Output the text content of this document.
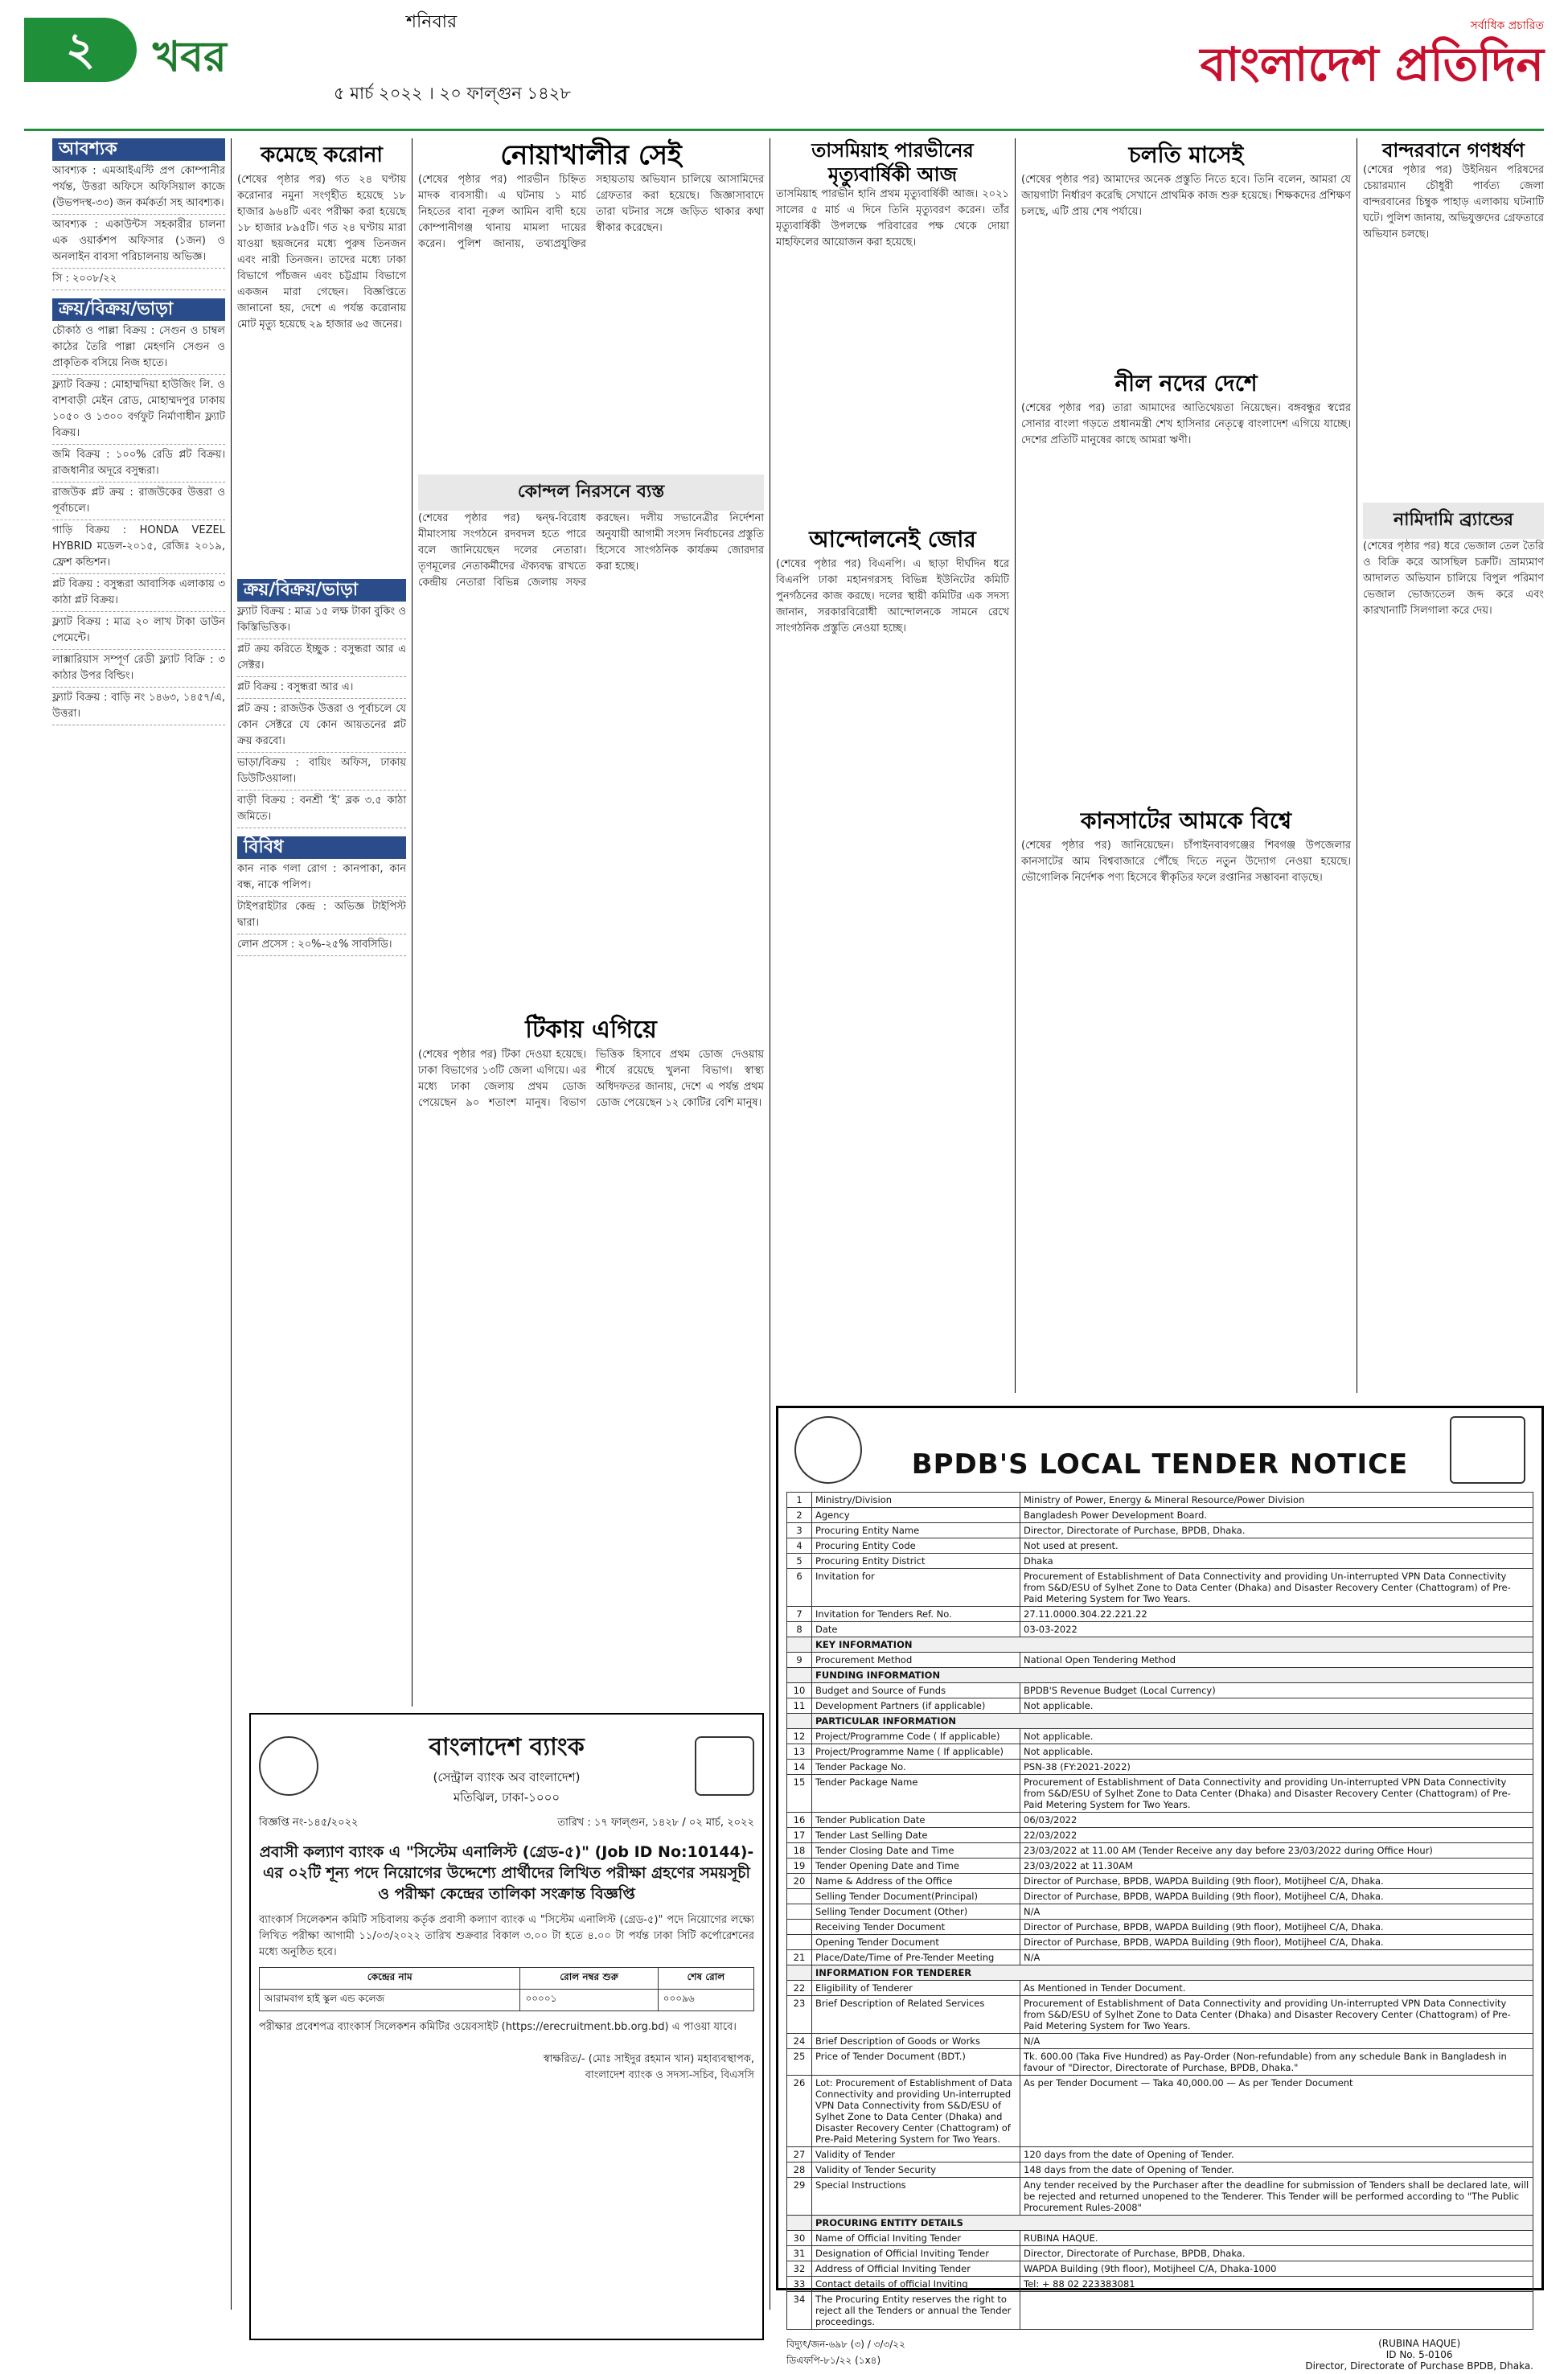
২	খবর
শনিবার
৫ মার্চ ২০২২ । ২০ ফাল্গুন ১৪২৮
সর্বাধিক প্রচারিত
বাংলাদেশ প্রতিদিন
আবশ্যক
আবশ্যক : এমআইএস্টি প্রপ কোম্পানীর পর্যন্ত, উত্তরা অফিসে অফিসিয়াল কাজে (উভপদস্থ-৩৩) জন কর্মকর্তা সহ আবশ্যক।
আবশ্যক : একাউন্টস সহকারীর চালনা এক ওয়ার্কশপ অফিসার (১জন) ও অনলাইন বাবসা পরিচালনায় অভিজ্ঞ।
সি : ২০০৮/২২
ক্রয়/বিক্রয়/ভাড়া
চৌকাঠ ও পাল্লা বিক্রয় : সেগুন ও চাম্বল কাঠের তৈরি পাল্লা মেহগনি সেগুন ও প্রাকৃতিক বসিয়ে নিজ হাতে।
ফ্ল্যাট বিক্রয় : মোহাম্মদিয়া হাউজিং লি. ও বাশবাড়ী মেইন রোড, মোহাম্মদপুর ঢাকায় ১০৫০ ও ১৩০০ বর্গফুট নির্মাণাধীন ফ্ল্যাট বিক্রয়।
জমি বিক্রয় : ১০০% রেডি প্লট বিক্রয়। রাজধানীর অদূরে বসুন্ধরা।
রাজউক প্লট ক্রয় : রাজউকের উত্তরা ও পূর্বাচলে।
গাড়ি বিক্রয় : HONDA VEZEL HYBRID মডেল-২০১৫, রেজিঃ ২০১৯, ফ্রেশ কন্ডিশন।
প্লট বিক্রয় : বসুন্ধরা আবাসিক এলাকায় ৩ কাঠা প্লট বিক্রয়।
ফ্ল্যাট বিক্রয় : মাত্র ২০ লাখ টাকা ডাউন পেমেন্টে।
লাক্সারিয়াস সম্পূর্ণ রেডী ফ্ল্যাট বিক্রি : ৩ কাঠার উপর বিল্ডিং।
ফ্ল্যাট বিক্রয় : বাড়ি নং ১৪৬৩, ১৪৫৭/এ, উত্তরা।
ক্রয়/বিক্রয়/ভাড়া
ফ্ল্যাট বিক্রয় : মাত্র ১৫ লক্ষ টাকা বুকিং ও কিস্তিভিত্তিক।
প্লট ক্রয় করিতে ইচ্ছুক : বসুন্ধরা আর এ সেক্টর।
প্লট বিক্রয় : বসুন্ধরা আর এ।
প্লট ক্রয় : রাজউক উত্তরা ও পূর্বাচলে যে কোন সেক্টরে যে কোন আয়তনের প্লট ক্রয় করবো।
ভাড়া/বিক্রয় : বায়িং অফিস, ঢাকায় ডিউটিওয়ালা।
বাড়ী বিক্রয় : বনশ্রী ‘ই’ ব্লক ৩.৫ কাঠা জমিতে।
বিবিধ
কান নাক গলা রোগ : কানপাকা, কান বন্ধ, নাকে পলিপ।
টাইপরাইটার কেন্দ্র : অভিজ্ঞ টাইপিস্ট দ্বারা।
লোন প্রসেস : ২০%-২৫% সাবসিডি।
কমেছে করোনা
(শেষের পৃষ্ঠার পর) গত ২৪ ঘণ্টায় করোনার নমুনা সংগৃহীত হয়েছে ১৮ হাজার ৯৬৪টি এবং পরীক্ষা করা হয়েছে ১৮ হাজার ৮৯৫টি। গত ২৪ ঘণ্টায় মারা যাওয়া ছয়জনের মধ্যে পুরুষ তিনজন এবং নারী তিনজন। তাদের মধ্যে ঢাকা বিভাগে পাঁচজন এবং চট্টগ্রাম বিভাগে একজন মারা গেছেন। বিজ্ঞপ্তিতে জানানো হয়, দেশে এ পর্যন্ত করোনায় মোট মৃত্যু হয়েছে ২৯ হাজার ৬৫ জনের।
নোয়াখালীর সেই
(শেষের পৃষ্ঠার পর) পারভীন চিহ্নিত মাদক ব্যবসায়ী। এ ঘটনায় ১ মার্চ নিহতের বাবা নূরুল আমিন বাদী হয়ে কোম্পানীগঞ্জ থানায় মামলা দায়ের করেন। পুলিশ জানায়, তথ্যপ্রযুক্তির সহায়তায় অভিযান চালিয়ে আসামিদের গ্রেফতার করা হয়েছে। জিজ্ঞাসাবাদে তারা ঘটনার সঙ্গে জড়িত থাকার কথা স্বীকার করেছেন।
কোন্দল নিরসনে ব্যস্ত
(শেষের পৃষ্ঠার পর) দ্বন্দ্ব-বিরোধ মীমাংসায় সংগঠনে রদবদল হতে পারে বলে জানিয়েছেন দলের নেতারা। তৃণমূলের নেতাকর্মীদের ঐক্যবদ্ধ রাখতে কেন্দ্রীয় নেতারা বিভিন্ন জেলায় সফর করছেন। দলীয় সভানেত্রীর নির্দেশনা অনুযায়ী আগামী সংসদ নির্বাচনের প্রস্তুতি হিসেবে সাংগঠনিক কার্যক্রম জোরদার করা হচ্ছে।
টিকায় এগিয়ে
(শেষের পৃষ্ঠার পর) টিকা দেওয়া হয়েছে। ঢাকা বিভাগের ১৩টি জেলা এগিয়ে। এর মধ্যে ঢাকা জেলায় প্রথম ডোজ পেয়েছেন ৯০ শতাংশ মানুষ। বিভাগ ভিত্তিক হিসাবে প্রথম ডোজ দেওয়ায় শীর্ষে রয়েছে খুলনা বিভাগ। স্বাস্থ্য অধিদফতর জানায়, দেশে এ পর্যন্ত প্রথম ডোজ পেয়েছেন ১২ কোটির বেশি মানুষ।
তাসমিয়াহ পারভীনের মৃত্যুবার্ষিকী আজ
তাসমিয়াহ পারভীন হানি প্রথম মৃত্যুবার্ষিকী আজ। ২০২১ সালের ৫ মার্চ এ দিনে তিনি মৃত্যুবরণ করেন। তাঁর মৃত্যুবার্ষিকী উপলক্ষে পরিবারের পক্ষ থেকে দোয়া মাহফিলের আয়োজন করা হয়েছে।
আন্দোলনেই জোর
(শেষের পৃষ্ঠার পর) বিএনপি। এ ছাড়া দীর্ঘদিন ধরে বিএনপি ঢাকা মহানগরসহ বিভিন্ন ইউনিটের কমিটি পুনর্গঠনের কাজ করছে। দলের স্থায়ী কমিটির এক সদস্য জানান, সরকারবিরোধী আন্দোলনকে সামনে রেখে সাংগঠনিক প্রস্তুতি নেওয়া হচ্ছে।
চলতি মাসেই
(শেষের পৃষ্ঠার পর) আমাদের অনেক প্রস্তুতি নিতে হবে। তিনি বলেন, আমরা যে জায়গাটা নির্ধারণ করেছি সেখানে প্রাথমিক কাজ শুরু হয়েছে। শিক্ষকদের প্রশিক্ষণ চলছে, এটি প্রায় শেষ পর্যায়ে।
নীল নদের দেশে
(শেষের পৃষ্ঠার পর) তারা আমাদের আতিথেয়তা নিয়েছেন। বঙ্গবন্ধুর স্বপ্নের সোনার বাংলা গড়তে প্রধানমন্ত্রী শেখ হাসিনার নেতৃত্বে বাংলাদেশ এগিয়ে যাচ্ছে। দেশের প্রতিটি মানুষের কাছে আমরা ঋণী।
কানসাটের আমকে বিশ্বে
(শেষের পৃষ্ঠার পর) জানিয়েছেন। চাঁপাইনবাবগঞ্জের শিবগঞ্জ উপজেলার কানসাটের আম বিশ্ববাজারে পৌঁছে দিতে নতুন উদ্যোগ নেওয়া হয়েছে। ভৌগোলিক নির্দেশক পণ্য হিসেবে স্বীকৃতির ফলে রপ্তানির সম্ভাবনা বাড়ছে।
বান্দরবানে গণধর্ষণ
(শেষের পৃষ্ঠার পর) উইনিয়ন পরিষদের চেয়ারম্যান চৌধুরী পার্বত্য জেলা বান্দরবানের চিম্বুক পাহাড় এলাকায় ঘটনাটি ঘটে। পুলিশ জানায়, অভিযুক্তদের গ্রেফতারে অভিযান চলছে।
নামিদামি ব্র্যান্ডের
(শেষের পৃষ্ঠার পর) ধরে ভেজাল তেল তৈরি ও বিক্রি করে আসছিল চক্রটি। ভ্রাম্যমাণ আদালত অভিযান চালিয়ে বিপুল পরিমাণ ভেজাল ভোজ্যতেল জব্দ করে এবং কারখানাটি সিলগালা করে দেয়।
বাংলাদেশ ব্যাংক
(সেন্ট্রাল ব্যাংক অব বাংলাদেশ)
মতিঝিল, ঢাকা-১০০০
বিজ্ঞপ্তি নং-১৪৫/২০২২	তারিখ : ১৭ ফাল্গুন, ১৪২৮ / ০২ মার্চ, ২০২২
প্রবাসী কল্যাণ ব্যাংক এ "সিস্টেম এনালিস্ট (গ্রেড-৫)" (Job ID No:10144)-এর ০২টি শূন্য পদে নিয়োগের উদ্দেশ্যে প্রার্থীদের লিখিত পরীক্ষা গ্রহণের সময়সূচী ও পরীক্ষা কেন্দ্রের তালিকা সংক্রান্ত বিজ্ঞপ্তি
ব্যাংকার্স সিলেকশন কমিটি সচিবালয় কর্তৃক প্রবাসী কল্যাণ ব্যাংক এ "সিস্টেম এনালিস্ট (গ্রেড-৫)" পদে নিয়োগের লক্ষ্যে লিখিত পরীক্ষা আগামী ১১/০৩/২০২২ তারিখ শুক্রবার বিকাল ৩.০০ টা হতে ৪.০০ টা পর্যন্ত ঢাকা সিটি কর্পোরেশনের মধ্যে অনুষ্ঠিত হবে।
কেন্দ্রের নাম	রোল নম্বর শুরু	শেষ রোল
আরামবাগ হাই স্কুল এন্ড কলেজ	০০০০১	০০০৯৬
পরীক্ষার প্রবেশপত্র ব্যাংকার্স সিলেকশন কমিটির ওয়েবসাইট (https://erecruitment.bb.org.bd) এ পাওয়া যাবে।
স্বাক্ষরিত/- (মোঃ সাইদুর রহমান খান) মহাব্যবস্থাপক, বাংলাদেশ ব্যাংক ও সদস্য-সচিব, বিএসসি
BPDB'S LOCAL TENDER NOTICE
1	Ministry/Division	Ministry of Power, Energy & Mineral Resource/Power Division
2	Agency	Bangladesh Power Development Board.
3	Procuring Entity Name	Director, Directorate of Purchase, BPDB, Dhaka.
4	Procuring Entity Code	Not used at present.
5	Procuring Entity District	Dhaka
6	Invitation for	Procurement of Establishment of Data Connectivity and providing Un-interrupted VPN Data Connectivity from S&D/ESU of Sylhet Zone to Data Center (Dhaka) and Disaster Recovery Center (Chattogram) of Pre-Paid Metering System for Two Years.
7	Invitation for Tenders Ref. No.	27.11.0000.304.22.221.22
8	Date	03-03-2022
	KEY INFORMATION	
9	Procurement Method	National Open Tendering Method
	FUNDING INFORMATION	
10	Budget and Source of Funds	BPDB'S Revenue Budget (Local Currency)
11	Development Partners (if applicable)	Not applicable.
	PARTICULAR INFORMATION	
12	Project/Programme Code ( If applicable)	Not applicable.
13	Project/Programme Name ( If applicable)	Not applicable.
14	Tender Package No.	PSN-38 (FY:2021-2022)
15	Tender Package Name	Procurement of Establishment of Data Connectivity and providing Un-interrupted VPN Data Connectivity from S&D/ESU of Sylhet Zone to Data Center (Dhaka) and Disaster Recovery Center (Chattogram) of Pre-Paid Metering System for Two Years.
16	Tender Publication Date	06/03/2022
17	Tender Last Selling Date	22/03/2022
18	Tender Closing Date and Time	23/03/2022 at 11.00 AM (Tender Receive any day before 23/03/2022 during Office Hour)
19	Tender Opening Date and Time	23/03/2022 at 11.30AM
20	Name & Address of the Office	Director of Purchase, BPDB, WAPDA Building (9th floor), Motijheel C/A, Dhaka.
	Selling Tender Document(Principal)	Director of Purchase, BPDB, WAPDA Building (9th floor), Motijheel C/A, Dhaka.
	Selling Tender Document (Other)	N/A
	Receiving Tender Document	Director of Purchase, BPDB, WAPDA Building (9th floor), Motijheel C/A, Dhaka.
	Opening Tender Document	Director of Purchase, BPDB, WAPDA Building (9th floor), Motijheel C/A, Dhaka.
21	Place/Date/Time of Pre-Tender Meeting	N/A
	INFORMATION FOR TENDERER	
22	Eligibility of Tenderer	As Mentioned in Tender Document.
23	Brief Description of Related Services	Procurement of Establishment of Data Connectivity and providing Un-interrupted VPN Data Connectivity from S&D/ESU of Sylhet Zone to Data Center (Dhaka) and Disaster Recovery Center (Chattogram) of Pre-Paid Metering System for Two Years.
24	Brief Description of Goods or Works	N/A
25	Price of Tender Document (BDT.)	Tk. 600.00 (Taka Five Hundred) as Pay-Order (Non-refundable) from any schedule Bank in Bangladesh in favour of "Director, Directorate of Purchase, BPDB, Dhaka."
26	Lot: Procurement of Establishment of Data Connectivity and providing Un-interrupted VPN Data Connectivity from S&D/ESU of Sylhet Zone to Data Center (Dhaka) and Disaster Recovery Center (Chattogram) of Pre-Paid Metering System for Two Years.	As per Tender Document — Taka 40,000.00 — As per Tender Document
27	Validity of Tender	120 days from the date of Opening of Tender.
28	Validity of Tender Security	148 days from the date of Opening of Tender.
29	Special Instructions	Any tender received by the Purchaser after the deadline for submission of Tenders shall be declared late, will be rejected and returned unopened to the Tenderer. This Tender will be performed according to "The Public Procurement Rules-2008"
	PROCURING ENTITY DETAILS	
30	Name of Official Inviting Tender	RUBINA HAQUE.
31	Designation of Official Inviting Tender	Director, Directorate of Purchase, BPDB, Dhaka.
32	Address of Official Inviting Tender	WAPDA Building (9th floor), Motijheel C/A, Dhaka-1000
33	Contact details of official Inviting	Tel: + 88 02 223383081
34	The Procuring Entity reserves the right to reject all the Tenders or annual the Tender proceedings.	
বিদ্যুৎ/জন-৬৯৮ (৩) / ৩/৩/২২
ডিএফপি-৮১/২২ (১x৪)
(RUBINA HAQUE)
ID No. 5-0106
Director, Directorate of Purchase BPDB, Dhaka.
